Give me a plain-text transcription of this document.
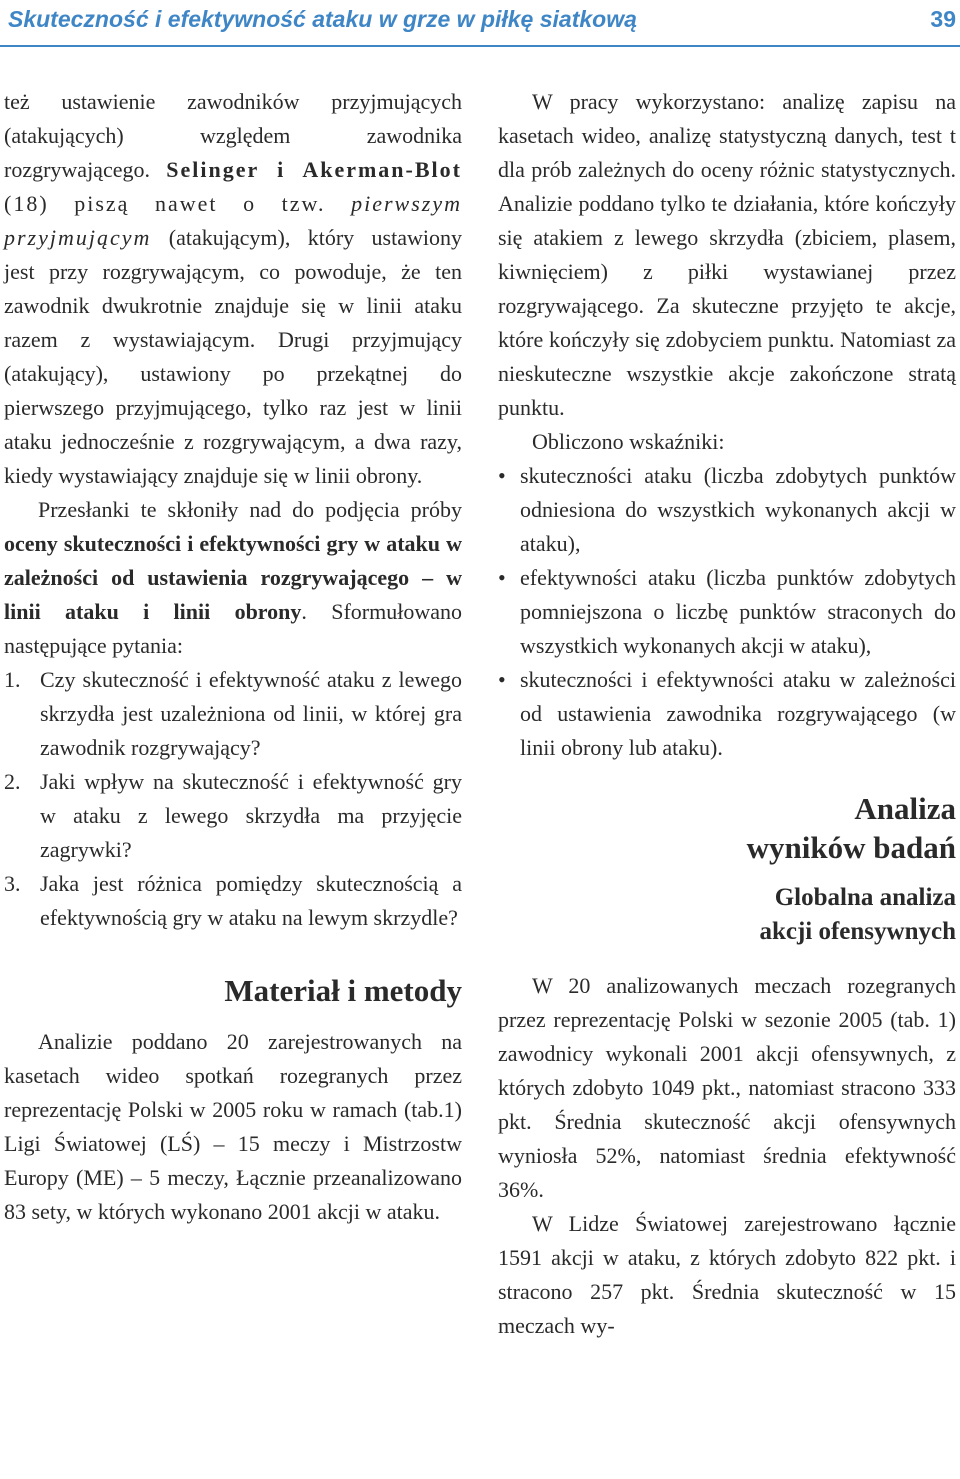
Skuteczność i efektywność ataku w grze w piłkę siatkową	39

też ustawienie zawodników przyjmujących (atakujących) względem zawodnika rozgrywającego. Selinger i Akerman-Blot (18) piszą nawet o tzw. pierwszym przyjmującym (atakującym), który ustawiony jest przy rozgrywającym, co powoduje, że ten zawodnik dwukrotnie znajduje się w linii ataku razem z wystawiającym. Drugi przyjmujący (atakujący), ustawiony po przekątnej do pierwszego przyjmującego, tylko raz jest w linii ataku jednocześnie z rozgrywającym, a dwa razy, kiedy wystawiający znajduje się w linii obrony.

Przesłanki te skłoniły nad do podjęcia próby oceny skuteczności i efektywności gry w ataku w zależności od ustawienia rozgrywającego – w linii ataku i linii obrony. Sformułowano następujące pytania:

1. Czy skuteczność i efektywność ataku z lewego skrzydła jest uzależniona od linii, w której gra zawodnik rozgrywający?
2. Jaki wpływ na skuteczność i efektywność gry w ataku z lewego skrzydła ma przyjęcie zagrywki?
3. Jaka jest różnica pomiędzy skutecznością a efektywnością gry w ataku na lewym skrzydle?
Materiał i metody

Analizie poddano 20 zarejestrowanych na kasetach wideo spotkań rozegranych przez reprezentację Polski w 2005 roku w ramach (tab.1) Ligi Światowej (LŚ) – 15 meczy i Mistrzostw Europy (ME) – 5 meczy, Łącznie przeanalizowano 83 sety, w których wykonano 2001 akcji w ataku.

W pracy wykorzystano: analizę zapisu na kasetach wideo, analizę statystyczną danych, test t dla prób zależnych do oceny różnic statystycznych. Analizie poddano tylko te działania, które kończyły się atakiem z lewego skrzydła (zbiciem, plasem, kiwnięciem) z piłki wystawianej przez rozgrywającego. Za skuteczne przyjęto te akcje, które kończyły się zdobyciem punktu. Natomiast za nieskuteczne wszystkie akcje zakończone stratą punktu.

Obliczono wskaźniki:

• skuteczności ataku (liczba zdobytych punktów odniesiona do wszystkich wykonanych akcji w ataku),
• efektywności ataku (liczba punktów zdobytych pomniejszona o liczbę punktów straconych do wszystkich wykonanych akcji w ataku),
• skuteczności i efektywności ataku w zależności od ustawienia zawodnika rozgrywającego (w linii obrony lub ataku).
Analiza
wyników badań
Globalna analiza
akcji ofensywnych

W 20 analizowanych meczach rozegranych przez reprezentację Polski w sezonie 2005 (tab. 1) zawodnicy wykonali 2001 akcji ofensywnych, z których zdobyto 1049 pkt., natomiast stracono 333 pkt. Średnia skuteczność akcji ofensywnych wyniosła 52%, natomiast średnia efektywność 36%.

W Lidze Światowej zarejestrowano łącznie 1591 akcji w ataku, z których zdobyto 822 pkt. i stracono 257 pkt. Średnia skuteczność w 15 meczach wy-
